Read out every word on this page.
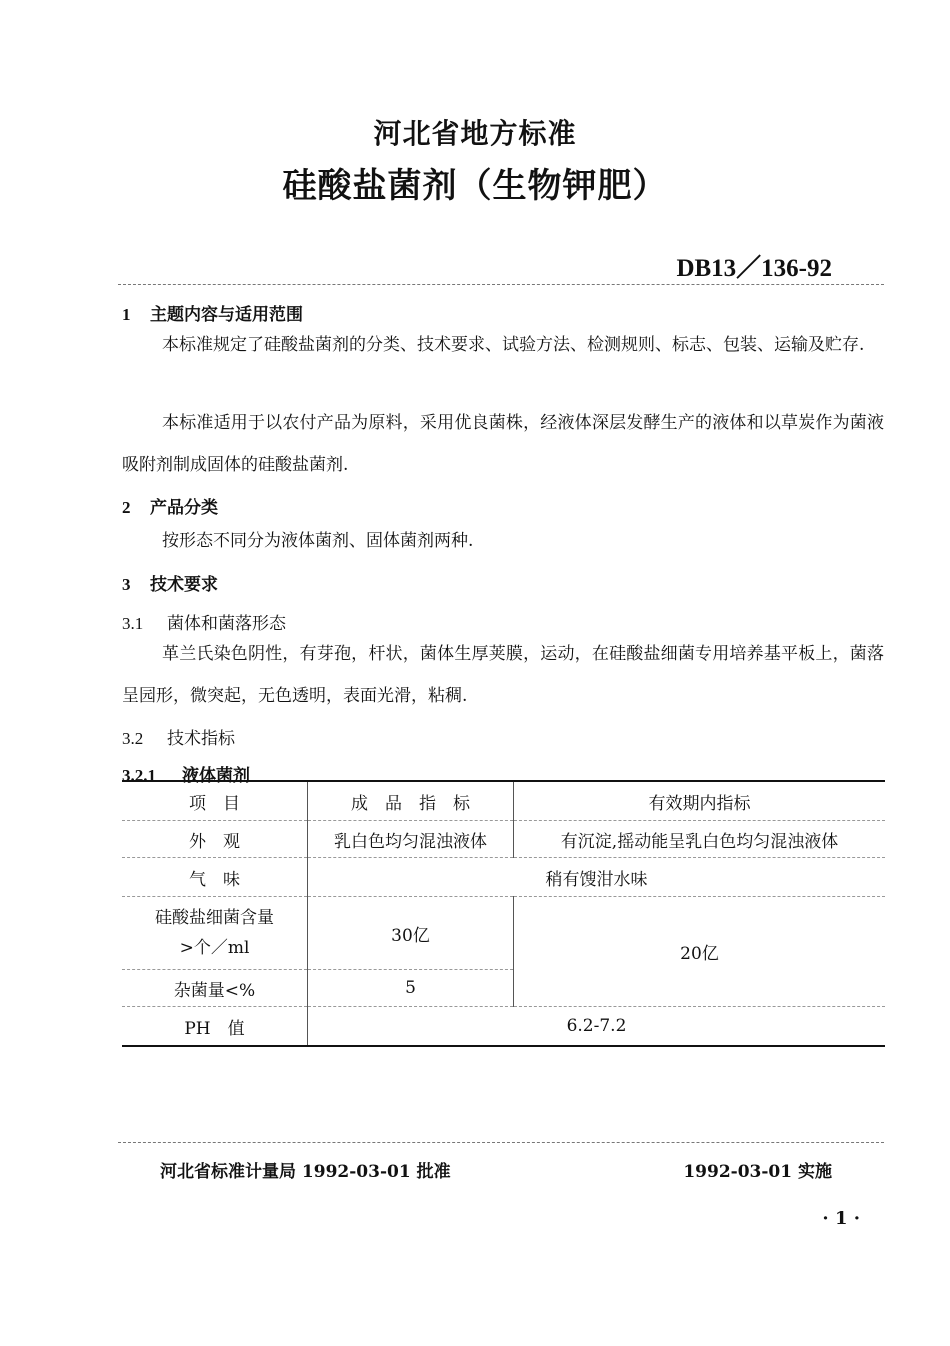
河北省地方标准
硅酸盐菌剂（生物钾肥）
DB13／136-92
1 主题内容与适用范围
本标准规定了硅酸盐菌剂的分类、技术要求、试验方法、检测规则、标志、包装、运输及贮存.
本标准适用于以农付产品为原料，采用优良菌株，经液体深层发酵生产的液体和以草炭作为菌液吸附剂制成固体的硅酸盐菌剂.
2 产品分类
按形态不同分为液体菌剂、固体菌剂两种.
3 技术要求
3.1 菌体和菌落形态
革兰氏染色阴性，有芽孢，杆状，菌体生厚荚膜，运动，在硅酸盐细菌专用培养基平板上，菌落呈园形，微突起，无色透明，表面光滑，粘稠.
3.2 技术指标
3.2.1 液体菌剂
项　目	成　品　指　标	有效期内指标
外　观	乳白色均匀混浊液体	有沉淀,摇动能呈乳白色均匀混浊液体
气　味	稍有馊泔水味	
硅酸盐细菌含量
>个／ml	30亿	20亿
杂菌量<%	5	
PH　值	6.2-7.2	
河北省标准计量局 1992-03-01 批准	1992-03-01 实施
· 1 ·
